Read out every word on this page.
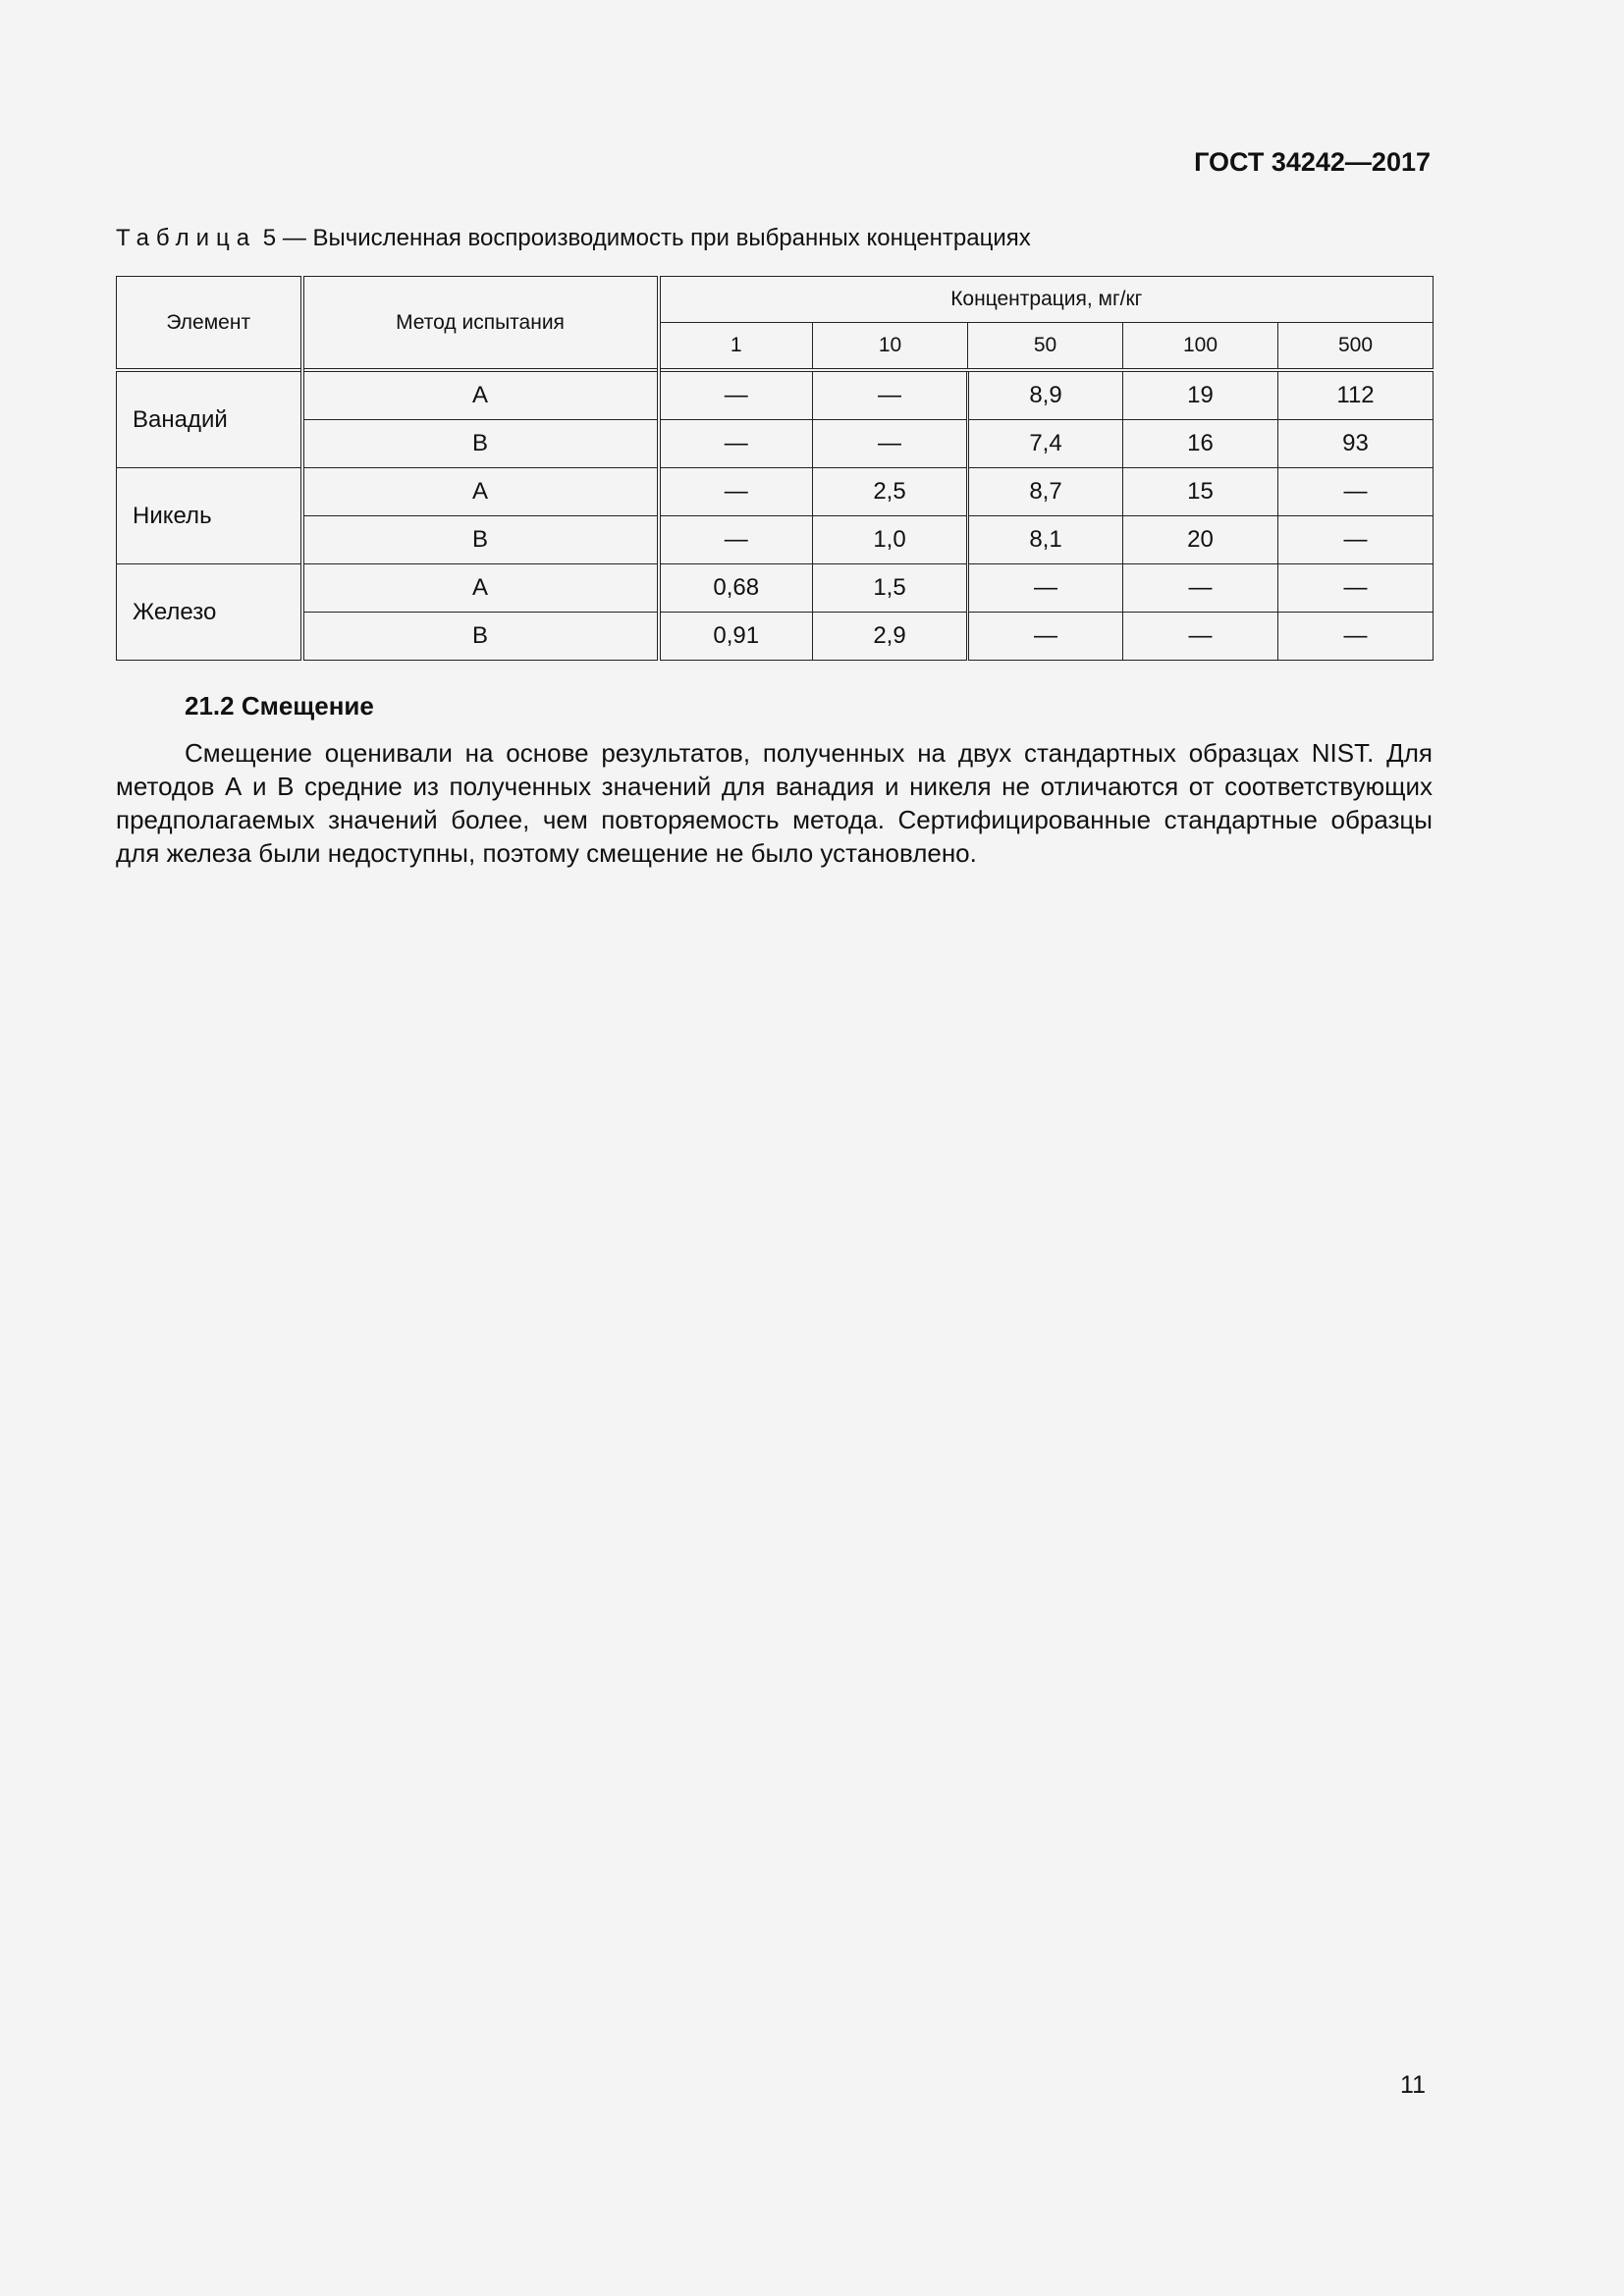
ГОСТ 34242—2017
Таблица 5 — Вычисленная воспроизводимость при выбранных концентрациях
Элемент	Метод испытания	Концентрация, мг/кг				
		1	10	50	100	500
Ванадий	А	—	—	8,9	19	112
	В	—	—	7,4	16	93
Никель	А	—	2,5	8,7	15	—
	В	—	1,0	8,1	20	—
Железо	А	0,68	1,5	—	—	—
	В	0,91	2,9	—	—	—
21.2 Смещение

Смещение оценивали на основе результатов, полученных на двух стандартных образцах NIST. Для методов А и В средние из полученных значений для ванадия и никеля не отличаются от соответствующих предполагаемых значений более, чем повторяемость метода. Сертифицированные стандартные образцы для железа были недоступны, поэтому смещение не было установлено.

11
